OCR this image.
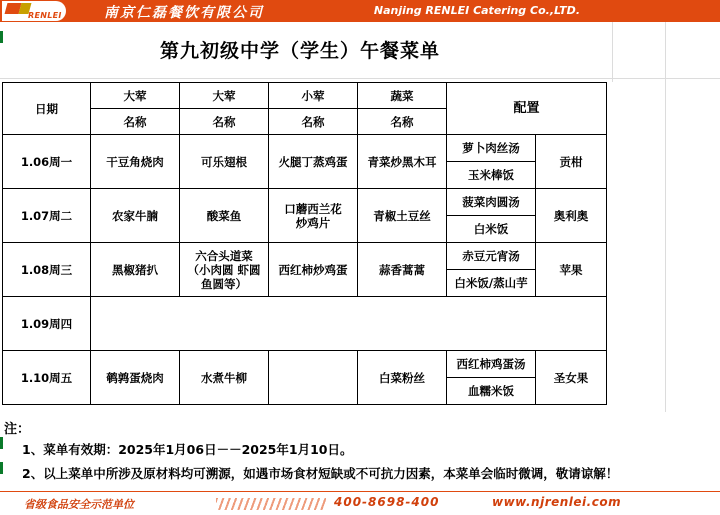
RENLEI	南京仁磊餐饮有限公司	Nanjing RENLEI Catering Co.,LTD.
第九初级中学（学生）午餐菜单
日期	大荤	大荤	小荤	蔬菜	配置	
	名称	名称	名称	名称		
1.06周一	干豆角烧肉	可乐翅根	火腿丁蒸鸡蛋	青菜炒黑木耳	萝卜肉丝汤	贡柑
					玉米棒饭	
1.07周二	农家牛腩	酸菜鱼	口蘑西兰花炒鸡片	青椒土豆丝	菠菜肉圆汤	奥利奥
					白米饭	
1.08周三	黑椒猪扒	六合头道菜（小肉圆 虾圆鱼圆等）	西红柿炒鸡蛋	蒜香蒿蒿	赤豆元宵汤	苹果
					白米饭/蒸山芋	
1.09周四						
1.10周五	鹌鹑蛋烧肉	水煮牛柳		白菜粉丝	西红柿鸡蛋汤	圣女果
					血糯米饭	
注：
1、菜单有效期：2025年1月06日－－2025年1月10日。
2、以上菜单中所涉及原材料均可溯源，如遇市场食材短缺或不可抗力因素，本菜单会临时微调，敬请谅解！
省级食品安全示范单位	400-8698-400	www.njrenlei.com
